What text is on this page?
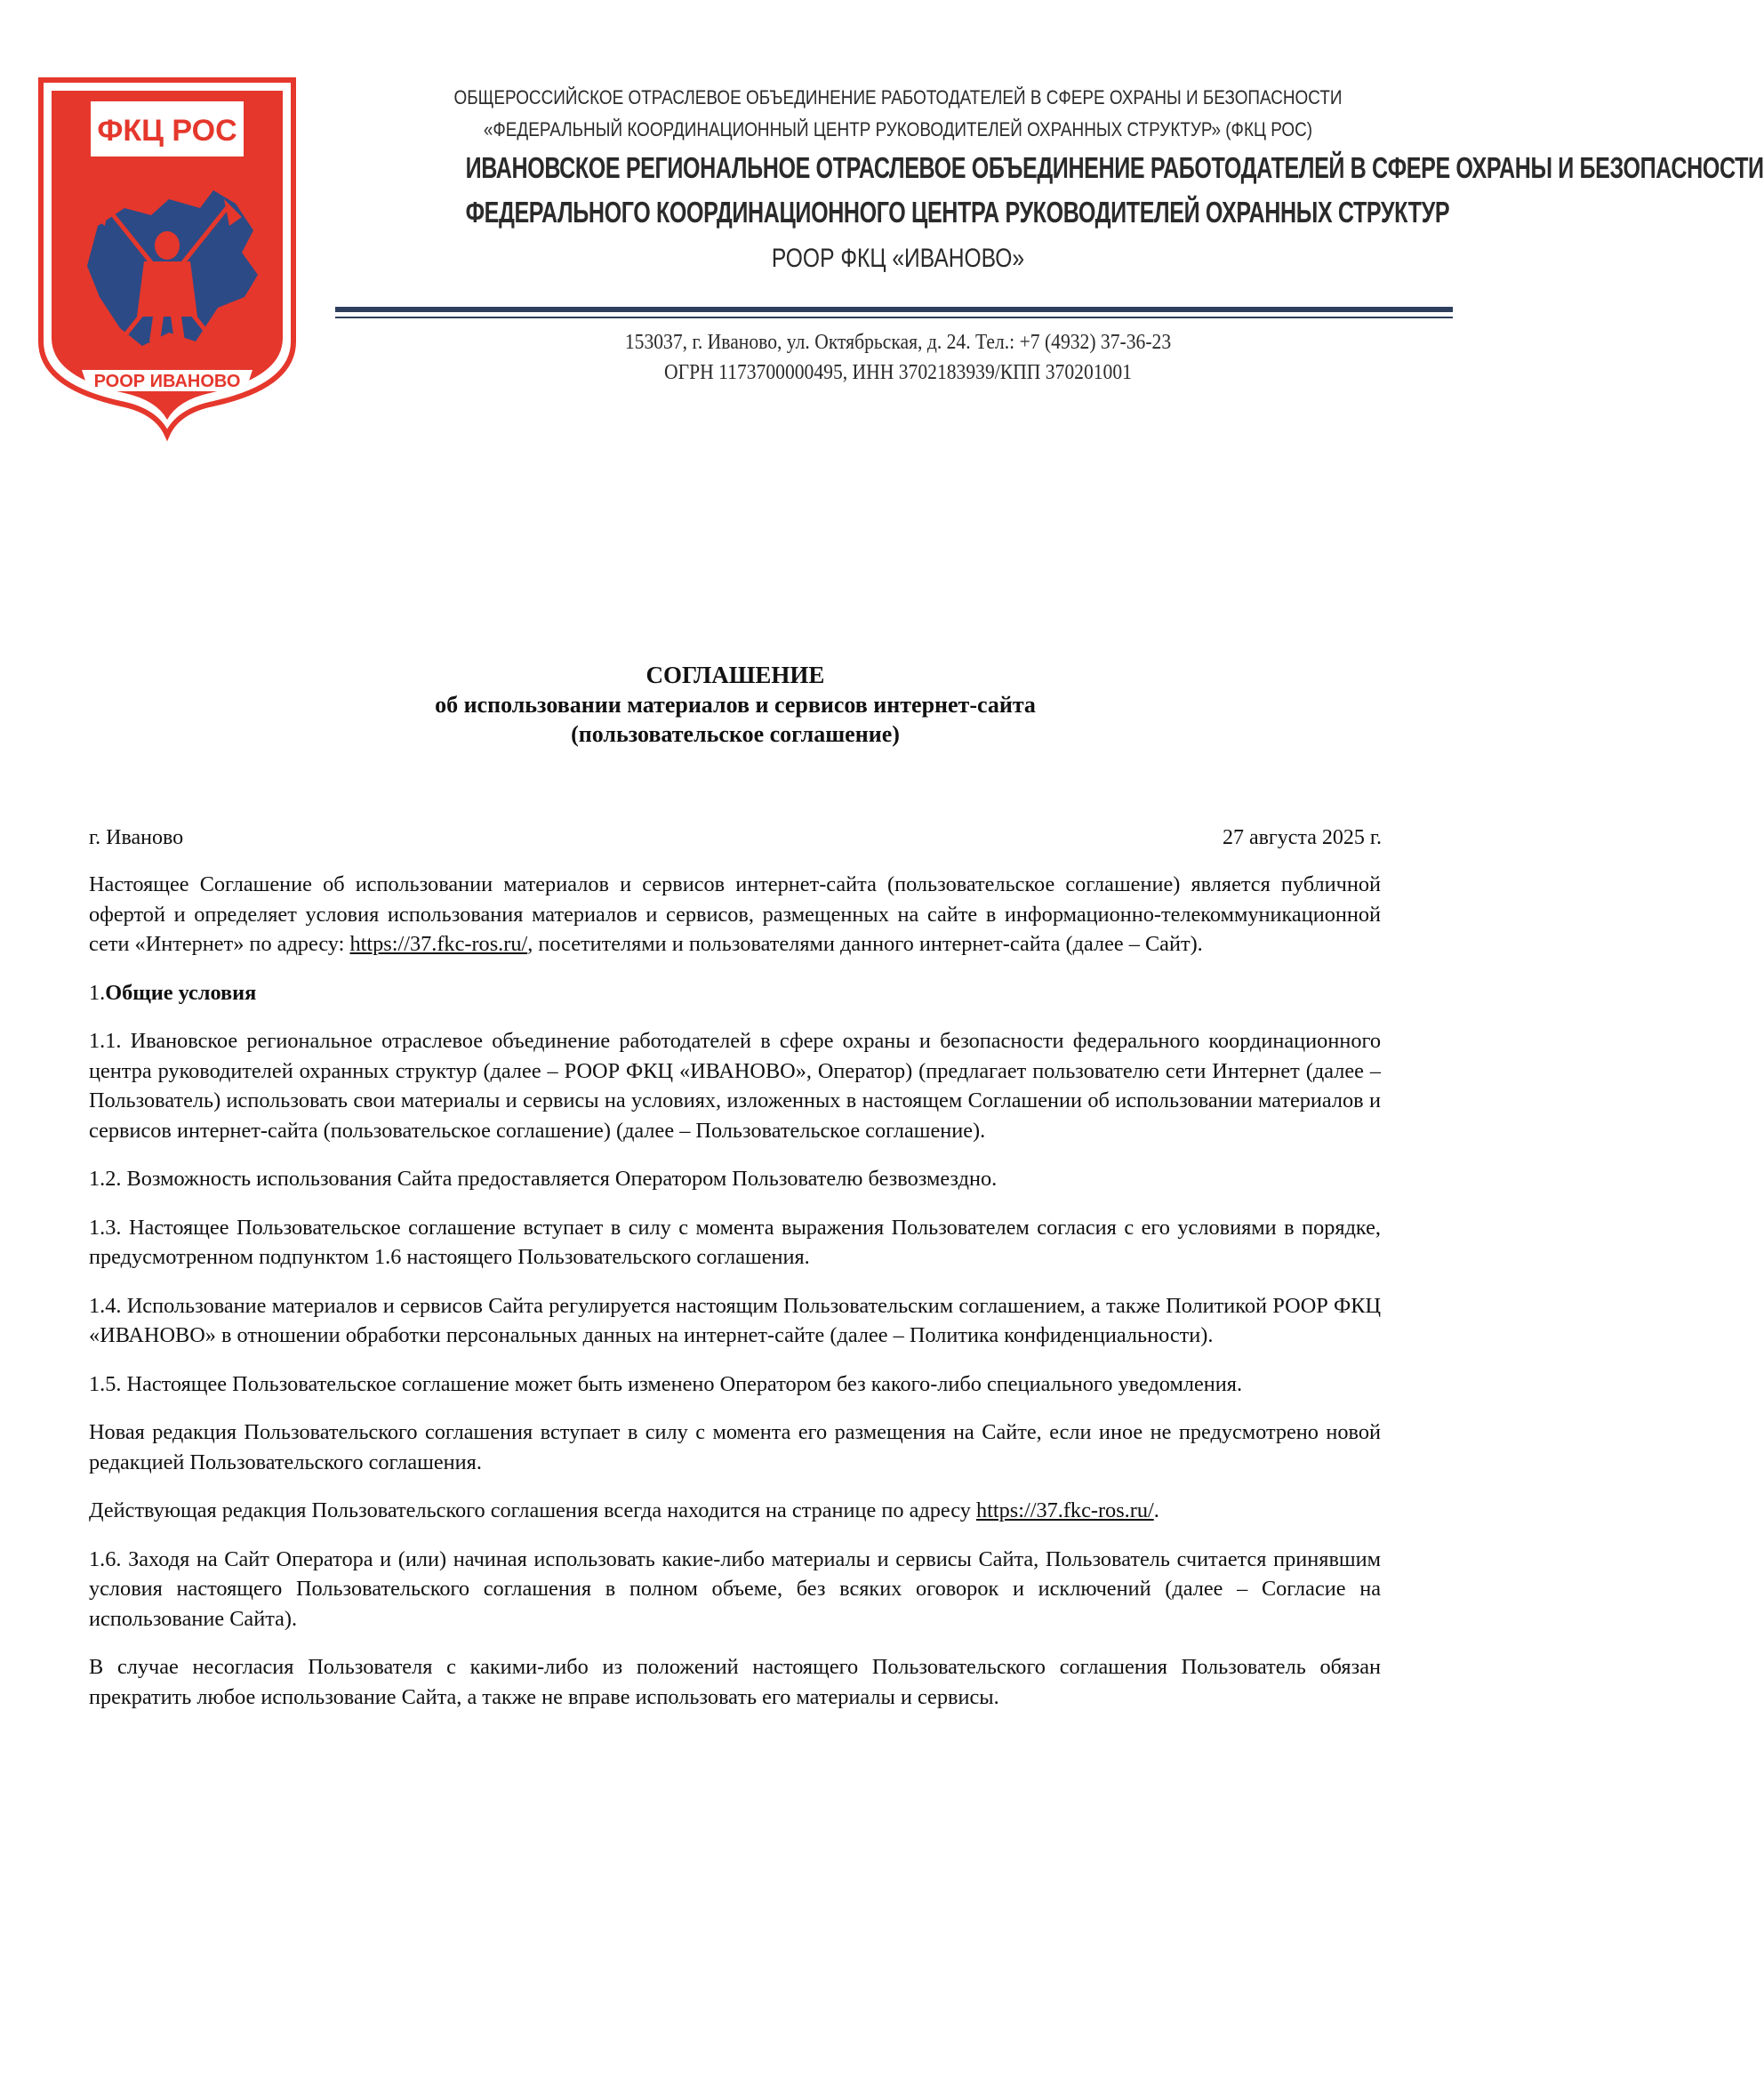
ФКЦ РОС
РООР ИВАНОВО
ОБЩЕРОССИЙСКОЕ ОТРАСЛЕВОЕ ОБЪЕДИНЕНИЕ РАБОТОДАТЕЛЕЙ В СФЕРЕ ОХРАНЫ И БЕЗОПАСНОСТИ
«ФЕДЕРАЛЬНЫЙ КООРДИНАЦИОННЫЙ ЦЕНТР РУКОВОДИТЕЛЕЙ ОХРАННЫХ СТРУКТУР» (ФКЦ РОС)
ИВАНОВСКОЕ РЕГИОНАЛЬНОЕ ОТРАСЛЕВОЕ ОБЪЕДИНЕНИЕ РАБОТОДАТЕЛЕЙ В СФЕРЕ ОХРАНЫ И БЕЗОПАСНОСТИ
ФЕДЕРАЛЬНОГО КООРДИНАЦИОННОГО ЦЕНТРА РУКОВОДИТЕЛЕЙ ОХРАННЫХ СТРУКТУР
РООР ФКЦ «ИВАНОВО»
153037, г. Иваново, ул. Октябрьская, д. 24. Тел.: +7 (4932) 37-36-23
ОГРН 1173700000495, ИНН 3702183939/КПП 370201001
СОГЛАШЕНИЕ
об использовании материалов и сервисов интернет-сайта
(пользовательское соглашение)
г. Иваново	27 августа 2025 г.

Настоящее Соглашение об использовании материалов и сервисов интернет-сайта (пользовательское соглашение) является публичной офертой и определяет условия использования материалов и сервисов, размещенных на сайте в информационно-телекоммуникационной сети «Интернет» по адресу: https://37.fkc-ros.ru/, посетителями и пользователями данного интернет-сайта (далее – Сайт).

1.Общие условия

1.1. Ивановское региональное отраслевое объединение работодателей в сфере охраны и безопасности федерального координационного центра руководителей охранных структур (далее – РООР ФКЦ «ИВАНОВО», Оператор) (предлагает пользователю сети Интернет (далее – Пользователь) использовать свои материалы и сервисы на условиях, изложенных в настоящем Соглашении об использовании материалов и сервисов интернет-сайта (пользовательское соглашение) (далее – Пользовательское соглашение).

1.2. Возможность использования Сайта предоставляется Оператором Пользователю безвозмездно.

1.3. Настоящее Пользовательское соглашение вступает в силу с момента выражения Пользователем согласия с его условиями в порядке, предусмотренном подпунктом 1.6 настоящего Пользовательского соглашения.

1.4. Использование материалов и сервисов Сайта регулируется настоящим Пользовательским соглашением, а также Политикой РООР ФКЦ «ИВАНОВО» в отношении обработки персональных данных на интернет-сайте (далее – Политика конфиденциальности).

1.5. Настоящее Пользовательское соглашение может быть изменено Оператором без какого-либо специального уведомления.

Новая редакция Пользовательского соглашения вступает в силу с момента его размещения на Сайте, если иное не предусмотрено новой редакцией Пользовательского соглашения.

Действующая редакция Пользовательского соглашения всегда находится на странице по адресу https://37.fkc-ros.ru/.

1.6. Заходя на Сайт Оператора и (или) начиная использовать какие-либо материалы и сервисы Сайта, Пользователь считается принявшим условия настоящего Пользовательского соглашения в полном объеме, без всяких оговорок и исключений (далее – Согласие на использование Сайта).

В случае несогласия Пользователя с какими-либо из положений настоящего Пользовательского соглашения Пользователь обязан прекратить любое использование Сайта, а также не вправе использовать его материалы и сервисы.
